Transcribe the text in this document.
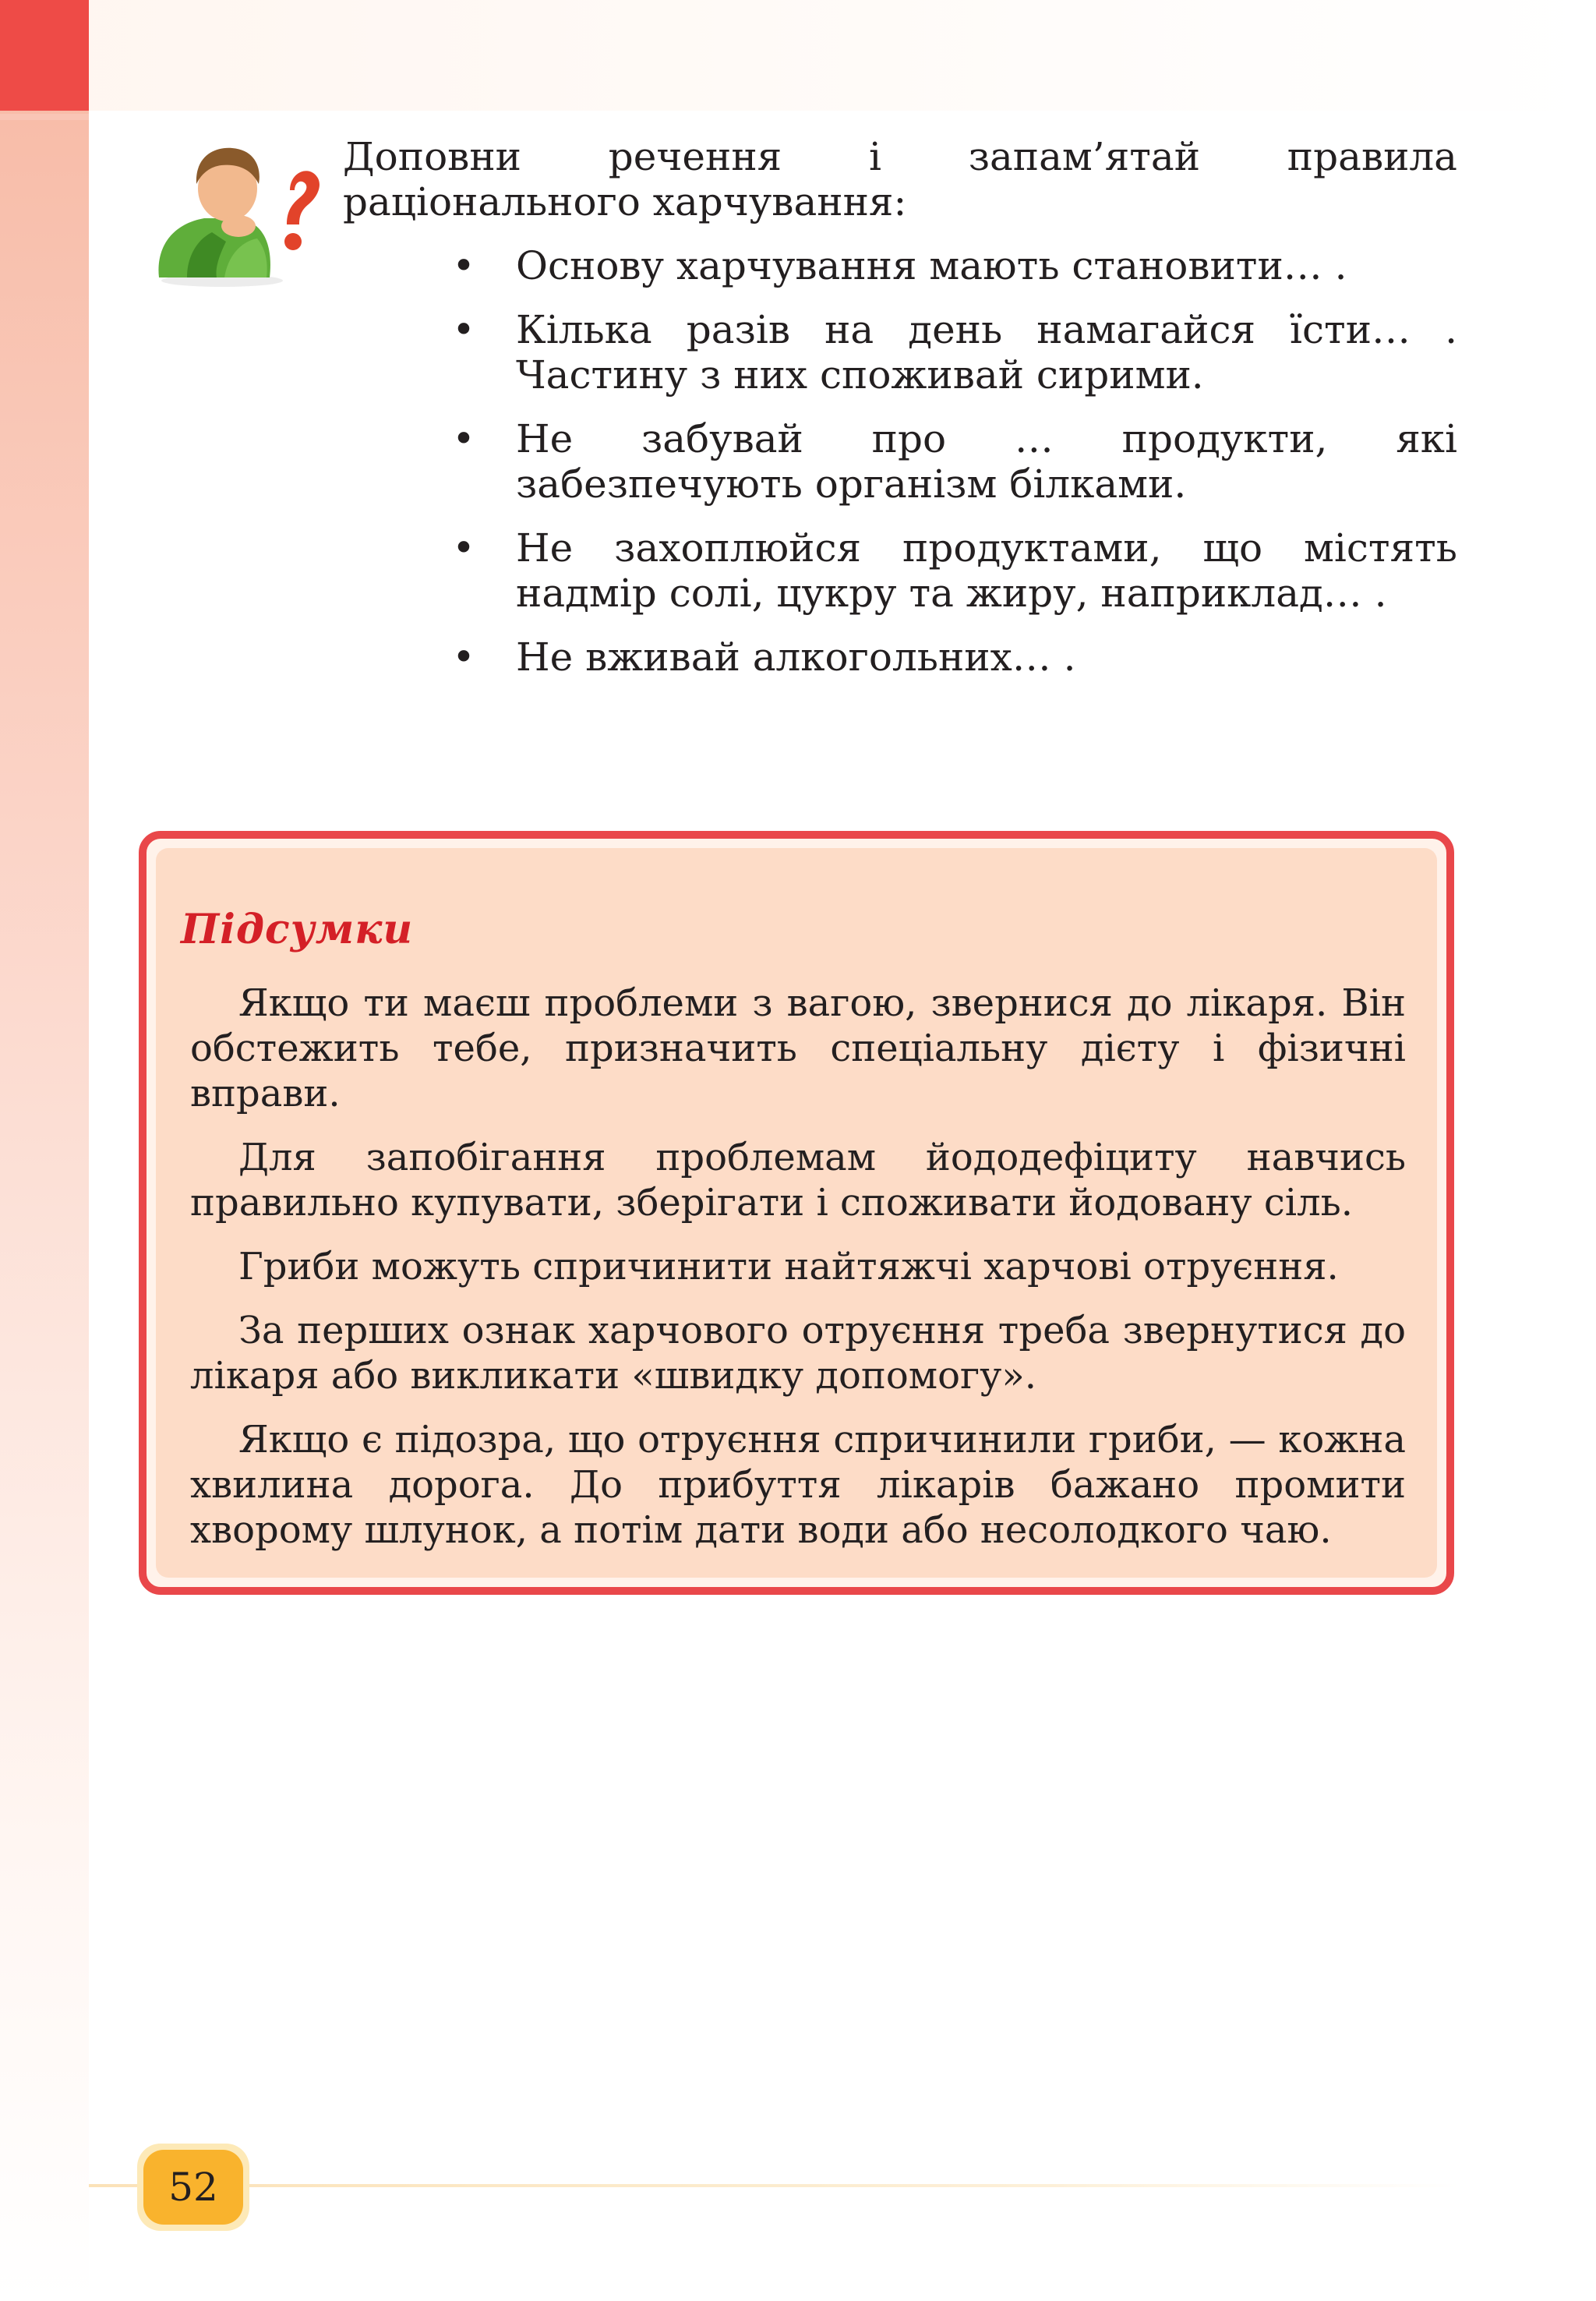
Доповни речення і запам’ятай правила раціонального харчування:

• Основу харчування мають становити… .
• Кілька разів на день намагайся їсти… . Частину з них споживай сирими.
• Не забувай про … продукти, які забезпечують організм білками.
• Не захоплюйся продуктами, що містять надмір солі, цукру та жиру, наприклад… .
• Не вживай алкогольних… .
Підсумки

Якщо ти маєш проблеми з вагою, звернися до лікаря. Він обстежить тебе, призначить спеціальну дієту і фізичні вправи.

Для запобігання проблемам йододефіциту навчись правильно купувати, зберігати і споживати йодовану сіль.

Гриби можуть спричинити найтяжчі харчові отруєння.

За перших ознак харчового отруєння треба звернутися до лікаря або викликати «швидку допомогу».

Якщо є підозра, що отруєння спричинили гриби, — кожна хвилина дорога. До прибуття лікарів бажано промити хворому шлунок, а потім дати води або несолодкого чаю.

52
